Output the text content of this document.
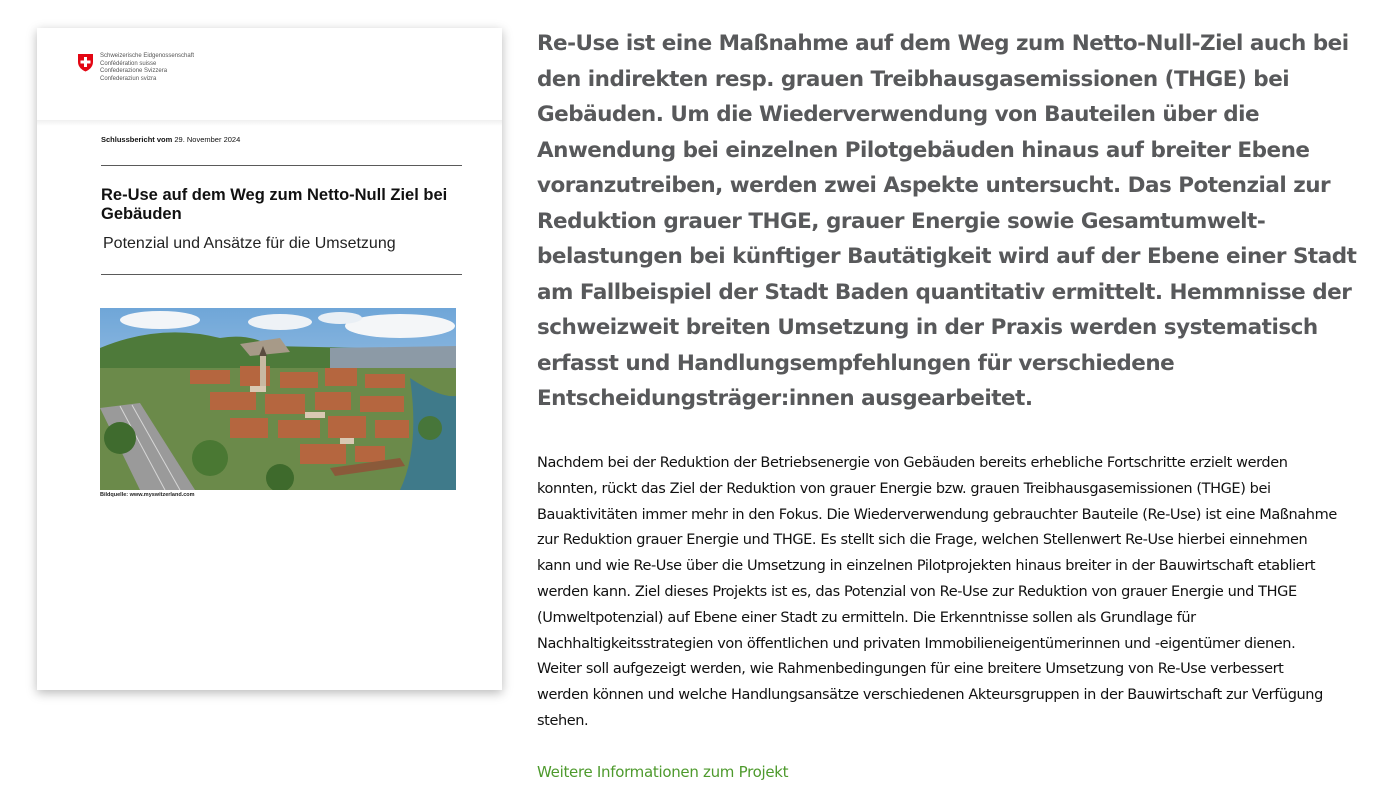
Schweizerische Eidgenossenschaft
Confédération suisse
Confederazione Svizzera
Confederaziun svizra
Schlussbericht vom 29. November 2024
Re-Use auf dem Weg zum Netto-Null Ziel bei Gebäuden
Potenzial und Ansätze für die Umsetzung
Bildquelle: www.myswitzerland.com

Re-Use ist eine Maßnahme auf dem Weg zum Netto-Null-Ziel auch bei den indirekten resp. grauen Treibhausgasemissionen (THGE) bei Gebäuden. Um die Wiederverwendung von Bauteilen über die Anwendung bei einzelnen Pilotgebäuden hinaus auf breiter Ebene voranzutreiben, werden zwei Aspekte untersucht. Das Potenzial zur Reduktion grauer THGE, grauer Energie sowie Gesamtumweltbelastungen bei künftiger Bautätigkeit wird auf der Ebene einer Stadt am Fallbeispiel der Stadt Baden quantitativ ermittelt. Hemmnisse der schweizweit breiten Umsetzung in der Praxis werden systematisch erfasst und Handlungsempfehlungen für verschiedene Entscheidungsträger:innen ausgearbeitet.

Nachdem bei der Reduktion der Betriebsenergie von Gebäuden bereits erhebliche Fortschritte erzielt werden konnten, rückt das Ziel der Reduktion von grauer Energie bzw. grauen Treibhausgasemissionen (THGE) bei Bauaktivitäten immer mehr in den Fokus. Die Wiederverwendung gebrauchter Bauteile (Re-Use) ist eine Maßnahme zur Reduktion grauer Energie und THGE. Es stellt sich die Frage, welchen Stellenwert Re-Use hierbei einnehmen kann und wie Re-Use über die Umsetzung in einzelnen Pilotprojekten hinaus breiter in der Bauwirtschaft etabliert werden kann. Ziel dieses Projekts ist es, das Potenzial von Re-Use zur Reduktion von grauer Energie und THGE (Umweltpotenzial) auf Ebene einer Stadt zu ermitteln. Die Erkenntnisse sollen als Grundlage für Nachhaltigkeitsstrategien von öffentlichen und privaten Immobilieneigentümerinnen und ‑eigentümer dienen. Weiter soll aufgezeigt werden, wie Rahmenbedingungen für eine breitere Umsetzung von Re-Use verbessert werden können und welche Handlungsansätze verschiedenen Akteursgruppen in der Bauwirtschaft zur Verfügung stehen.

Weitere Informationen zum Projekt
